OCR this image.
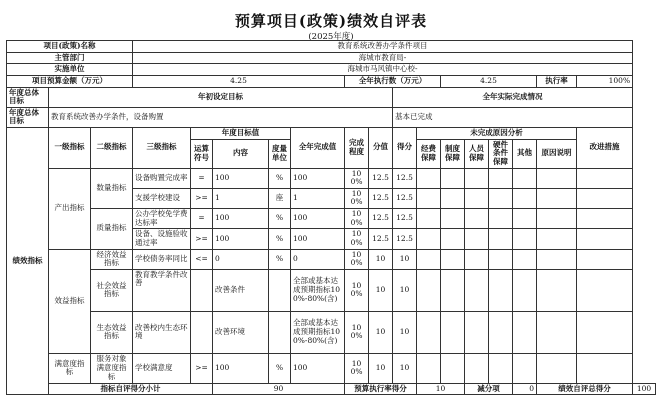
预算项目(政策)绩效自评表
(2025年度)
项目(政策)名称			教育系统改善办学条件项目															
主管部门			海城市教育局-															
实施单位			海城市马风镇中心校-															
项目预算金额（万元）			4.25					全年执行数（万元）				4.25				执行率	100%	
年度总体目标	年初设定目标									全年实际完成情况								
年度总体目标	教育系统改善办学条件，设备购置									基本已完成								
绩效指标	一级指标	二级指标	三级指标	年度目标值			全年完成值	完成程度	分值	得分	未完成原因分析						改进措施	
				运算符号	内容	度量单位					经费保障	制度保障	人员保障	硬件条件保障	其他	原因说明		

	产出指标	数量指标	设备购置完成率	=	100	%	100	100%	12.5	12.5								
			支援学校建设	>=	1	座	1	100%	12.5	12.5								
		质量指标	公办学校免学费达标率	=	100	%	100	100%	12.5	12.5								
			设备、设施验收通过率	>=	100	%	100	100%	12.5	12.5								
	效益指标	经济效益指标	学校债务率同比	<=	0	%	0	100%	10	10								
		社会效益指标	教育教学条件改善		改善条件		全部或基本达成预期指标100%-80%(含)	100%	10	10								
		生态效益指标	改善校内生态环境		改善环境		全部或基本达成预期指标100%-80%(含)	100%	10	10								
	满意度指标	服务对象满意度指标	学校满意度	>=	100	%	100	100%	10	10								
	指标自评得分小计				90			预算执行率得分			10		减分项		0	绩效自评总得分		100
